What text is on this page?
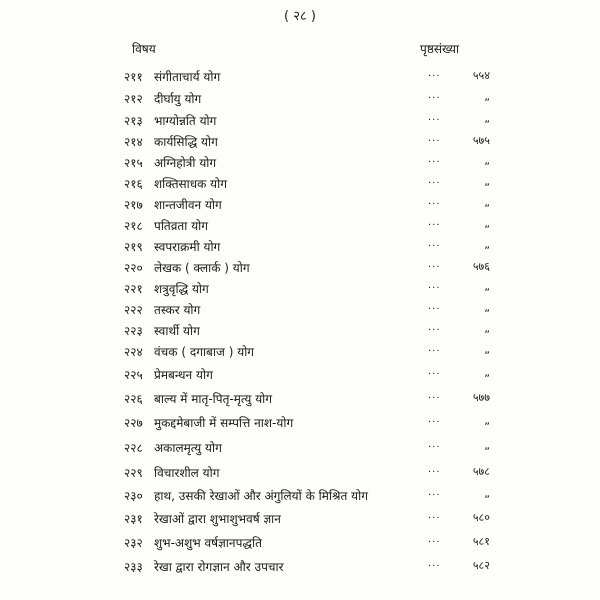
( २८ )
विषय	पृष्ठसंख्या
२११ संगीताचार्य योग	...	५५४
२१२ दीर्घायु योग	...	„
२१३ भाग्योन्नति योग	...	„
२१४ कार्यसिद्धि योग	...	५७५
२१५ अग्निहोत्री योग	...	„
२१६ शक्तिसाधक योग	...	„
२१७ शान्तजीवन योग	...	„
२१८ पतिव्रता योग	...	„
२१९ स्वपराक्रमी योग	...	„
२२० लेखक ( क्लार्क ) योग	...	५७६
२२१ शत्रुवृद्धि योग	...	„
२२२ तस्कर योग	...	„
२२३ स्वार्थी योग	...	„
२२४ वंचक ( दगाबाज ) योग	...	„
२२५ प्रेमबन्धन योग	...	„
२२६ बाल्य में मातृ-पितृ-मृत्यु योग	...	५७७
२२७ मुकद्दमेबाजी में सम्पत्ति नाश-योग	...	„
२२८ अकालमृत्यु योग	...	„
२२९ विचारशील योग	...	५७८
२३० हाथ, उसकी रेखाओं और अंगुलियों के मिश्रित योग	...	„
२३१ रेखाओं द्वारा शुभाशुभवर्ष ज्ञान	...	५८०
२३२ शुभ-अशुभ वर्षज्ञानपद्धति	...	५८१
२३३ रेखा द्वारा रोगज्ञान और उपचार	...	५८२
